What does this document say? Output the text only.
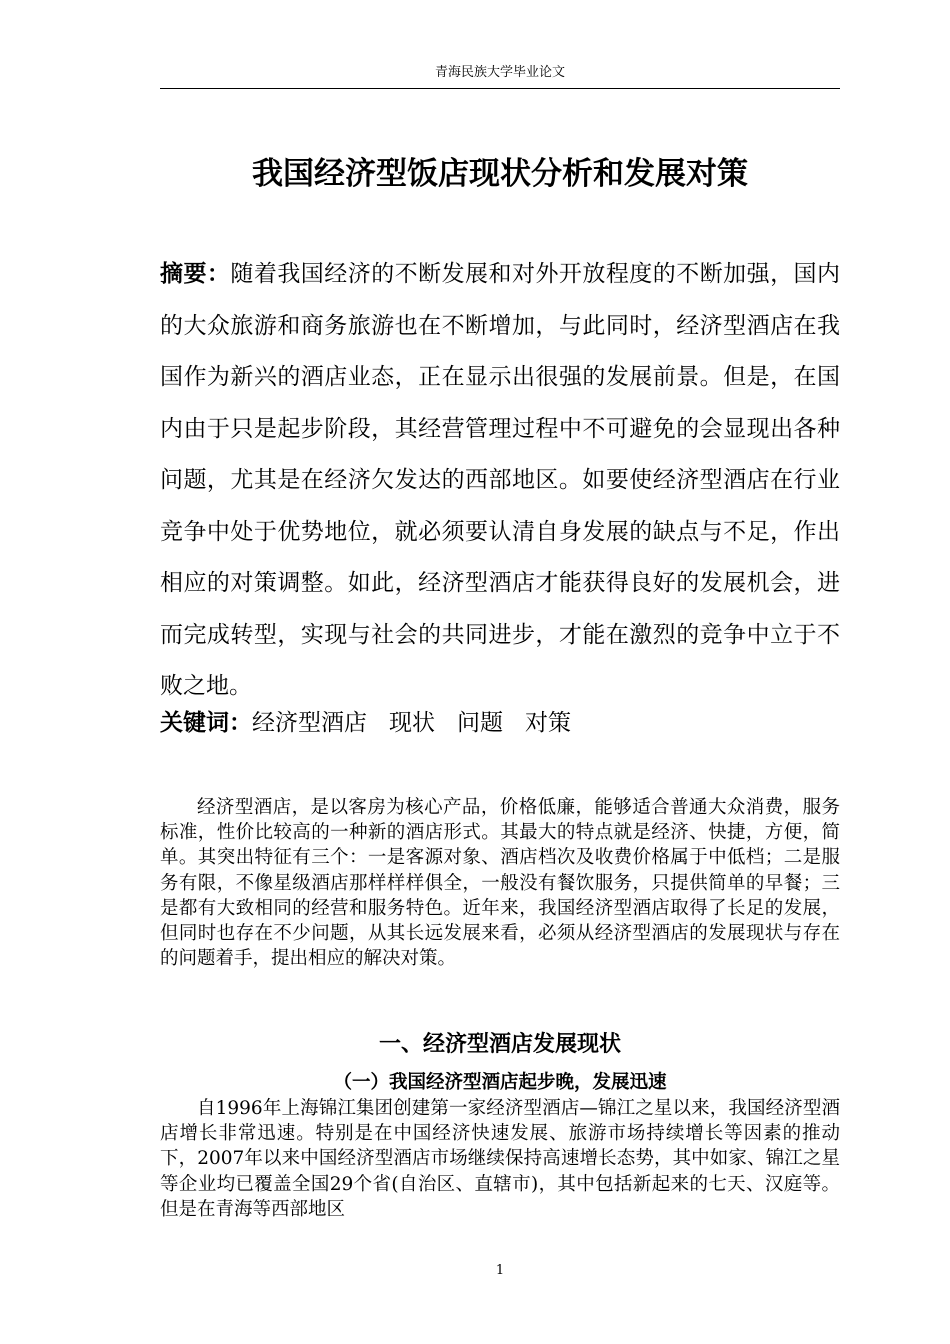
青海民族大学毕业论文
我国经济型饭店现状分析和发展对策

摘要：随着我国经济的不断发展和对外开放程度的不断加强，国内的大众旅游和商务旅游也在不断增加，与此同时，经济型酒店在我国作为新兴的酒店业态，正在显示出很强的发展前景。但是，在国内由于只是起步阶段，其经营管理过程中不可避免的会显现出各种问题，尤其是在经济欠发达的西部地区。如要使经济型酒店在行业竞争中处于优势地位，就必须要认清自身发展的缺点与不足，作出相应的对策调整。如此，经济型酒店才能获得良好的发展机会，进而完成转型，实现与社会的共同进步，才能在激烈的竞争中立于不败之地。

关键词：经济型酒店 现状 问题 对策

经济型酒店，是以客房为核心产品，价格低廉，能够适合普通大众消费，服务标准，性价比较高的一种新的酒店形式。其最大的特点就是经济、快捷，方便，简单。其突出特征有三个：一是客源对象、酒店档次及收费价格属于中低档；二是服务有限，不像星级酒店那样样样俱全，一般没有餐饮服务，只提供简单的早餐；三是都有大致相同的经营和服务特色。近年来，我国经济型酒店取得了长足的发展，但同时也存在不少问题，从其长远发展来看，必须从经济型酒店的发展现状与存在的问题着手，提出相应的解决对策。

一、经济型酒店发展现状
（一）我国经济型酒店起步晚，发展迅速

自1996年上海锦江集团创建第一家经济型酒店—锦江之星以来，我国经济型酒店增长非常迅速。特别是在中国经济快速发展、旅游市场持续增长等因素的推动下，2007年以来中国经济型酒店市场继续保持高速增长态势，其中如家、锦江之星等企业均已覆盖全国29个省(自治区、直辖市)，其中包括新起来的七天、汉庭等。但是在青海等西部地区

1
